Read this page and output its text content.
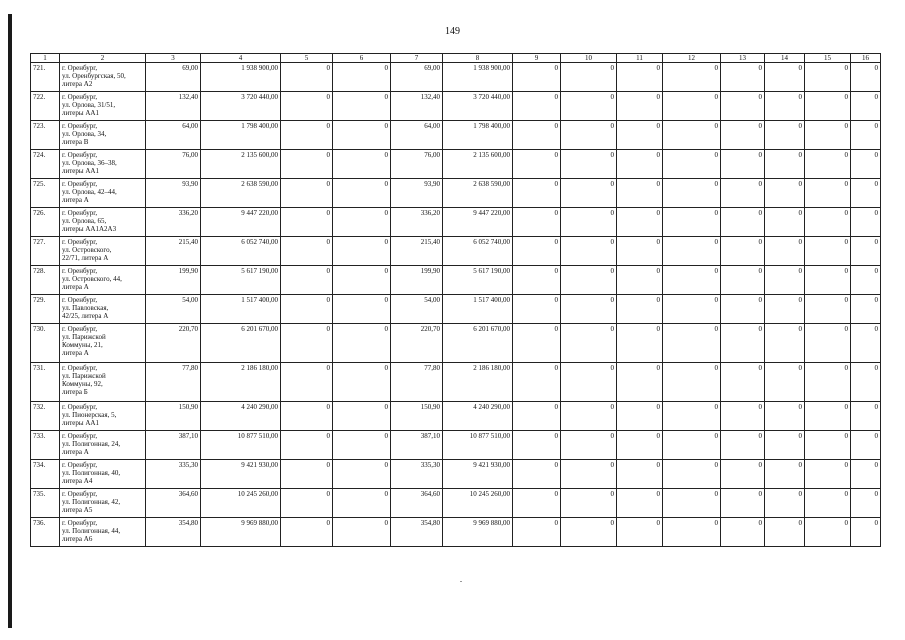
149
1	2	3	4	5	6	7	8	9	10	11	12	13	14	15	16
721.	г. Оренбург,
ул. Оренбургская, 50,
литера А2	69,00	1 938 900,00	0	0	69,00	1 938 900,00	0	0	0	0	0	0	0	0
722.	г. Оренбург,
ул. Орлова, 31/51,
литеры АА1	132,40	3 720 440,00	0	0	132,40	3 720 440,00	0	0	0	0	0	0	0	0
723.	г. Оренбург,
ул. Орлова, 34,
литера В	64,00	1 798 400,00	0	0	64,00	1 798 400,00	0	0	0	0	0	0	0	0
724.	г. Оренбург,
ул. Орлова, 36–38,
литеры АА1	76,00	2 135 600,00	0	0	76,00	2 135 600,00	0	0	0	0	0	0	0	0
725.	г. Оренбург,
ул. Орлова, 42–44,
литера А	93,90	2 638 590,00	0	0	93,90	2 638 590,00	0	0	0	0	0	0	0	0
726.	г. Оренбург,
ул. Орлова, 65,
литеры АА1А2А3	336,20	9 447 220,00	0	0	336,20	9 447 220,00	0	0	0	0	0	0	0	0
727.	г. Оренбург,
ул. Островского,
22/71, литера А	215,40	6 052 740,00	0	0	215,40	6 052 740,00	0	0	0	0	0	0	0	0
728.	г. Оренбург,
ул. Островского, 44,
литера А	199,90	5 617 190,00	0	0	199,90	5 617 190,00	0	0	0	0	0	0	0	0
729.	г. Оренбург,
ул. Павловская,
42/25, литера А	54,00	1 517 400,00	0	0	54,00	1 517 400,00	0	0	0	0	0	0	0	0
730.	г. Оренбург,
ул. Парижской
Коммуны, 21,
литера А	220,70	6 201 670,00	0	0	220,70	6 201 670,00	0	0	0	0	0	0	0	0
731.	г. Оренбург,
ул. Парижской
Коммуны, 92,
литера Б	77,80	2 186 180,00	0	0	77,80	2 186 180,00	0	0	0	0	0	0	0	0
732.	г. Оренбург,
ул. Пионерская, 5,
литеры АА1	150,90	4 240 290,00	0	0	150,90	4 240 290,00	0	0	0	0	0	0	0	0
733.	г. Оренбург,
ул. Полигонная, 24,
литера А	387,10	10 877 510,00	0	0	387,10	10 877 510,00	0	0	0	0	0	0	0	0
734.	г. Оренбург,
ул. Полигонная, 40,
литера А4	335,30	9 421 930,00	0	0	335,30	9 421 930,00	0	0	0	0	0	0	0	0
735.	г. Оренбург,
ул. Полигонная, 42,
литера А5	364,60	10 245 260,00	0	0	364,60	10 245 260,00	0	0	0	0	0	0	0	0
736.	г. Оренбург,
ул. Полигонная, 44,
литера А6	354,80	9 969 880,00	0	0	354,80	9 969 880,00	0	0	0	0	0	0	0	0
